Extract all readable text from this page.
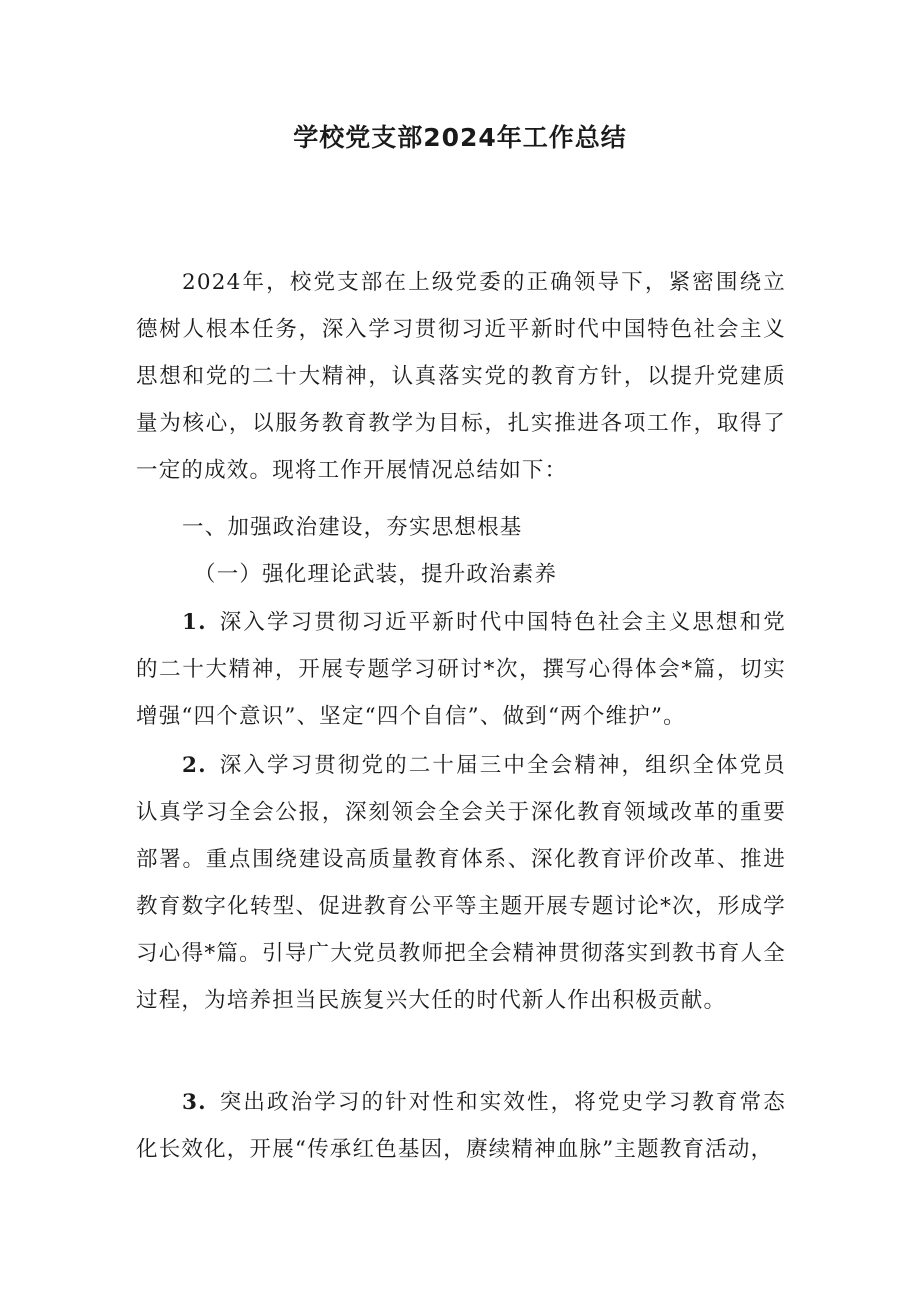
学校党支部2024年工作总结
2024年，校党支部在上级党委的正确领导下，紧密围绕立德树人根本任务，深入学习贯彻习近平新时代中国特色社会主义思想和党的二十大精神，认真落实党的教育方针，以提升党建质量为核心，以服务教育教学为目标，扎实推进各项工作，取得了一定的成效。现将工作开展情况总结如下：
一、加强政治建设，夯实思想根基
（一）强化理论武装，提升政治素养
1.  深入学习贯彻习近平新时代中国特色社会主义思想和党的二十大精神，开展专题学习研讨*次，撰写心得体会*篇，切实增强“四个意识”、坚定“四个自信”、做到“两个维护”。
2.  深入学习贯彻党的二十届三中全会精神，组织全体党员认真学习全会公报，深刻领会全会关于深化教育领域改革的重要部署。重点围绕建设高质量教育体系、深化教育评价改革、推进教育数字化转型、促进教育公平等主题开展专题讨论*次，形成学习心得*篇。引导广大党员教师把全会精神贯彻落实到教书育人全过程，为培养担当民族复兴大任的时代新人作出积极贡献。
3.  突出政治学习的针对性和实效性，将党史学习教育常态化长效化，开展“传承红色基因，赓续精神血脉”主题教育活动，
